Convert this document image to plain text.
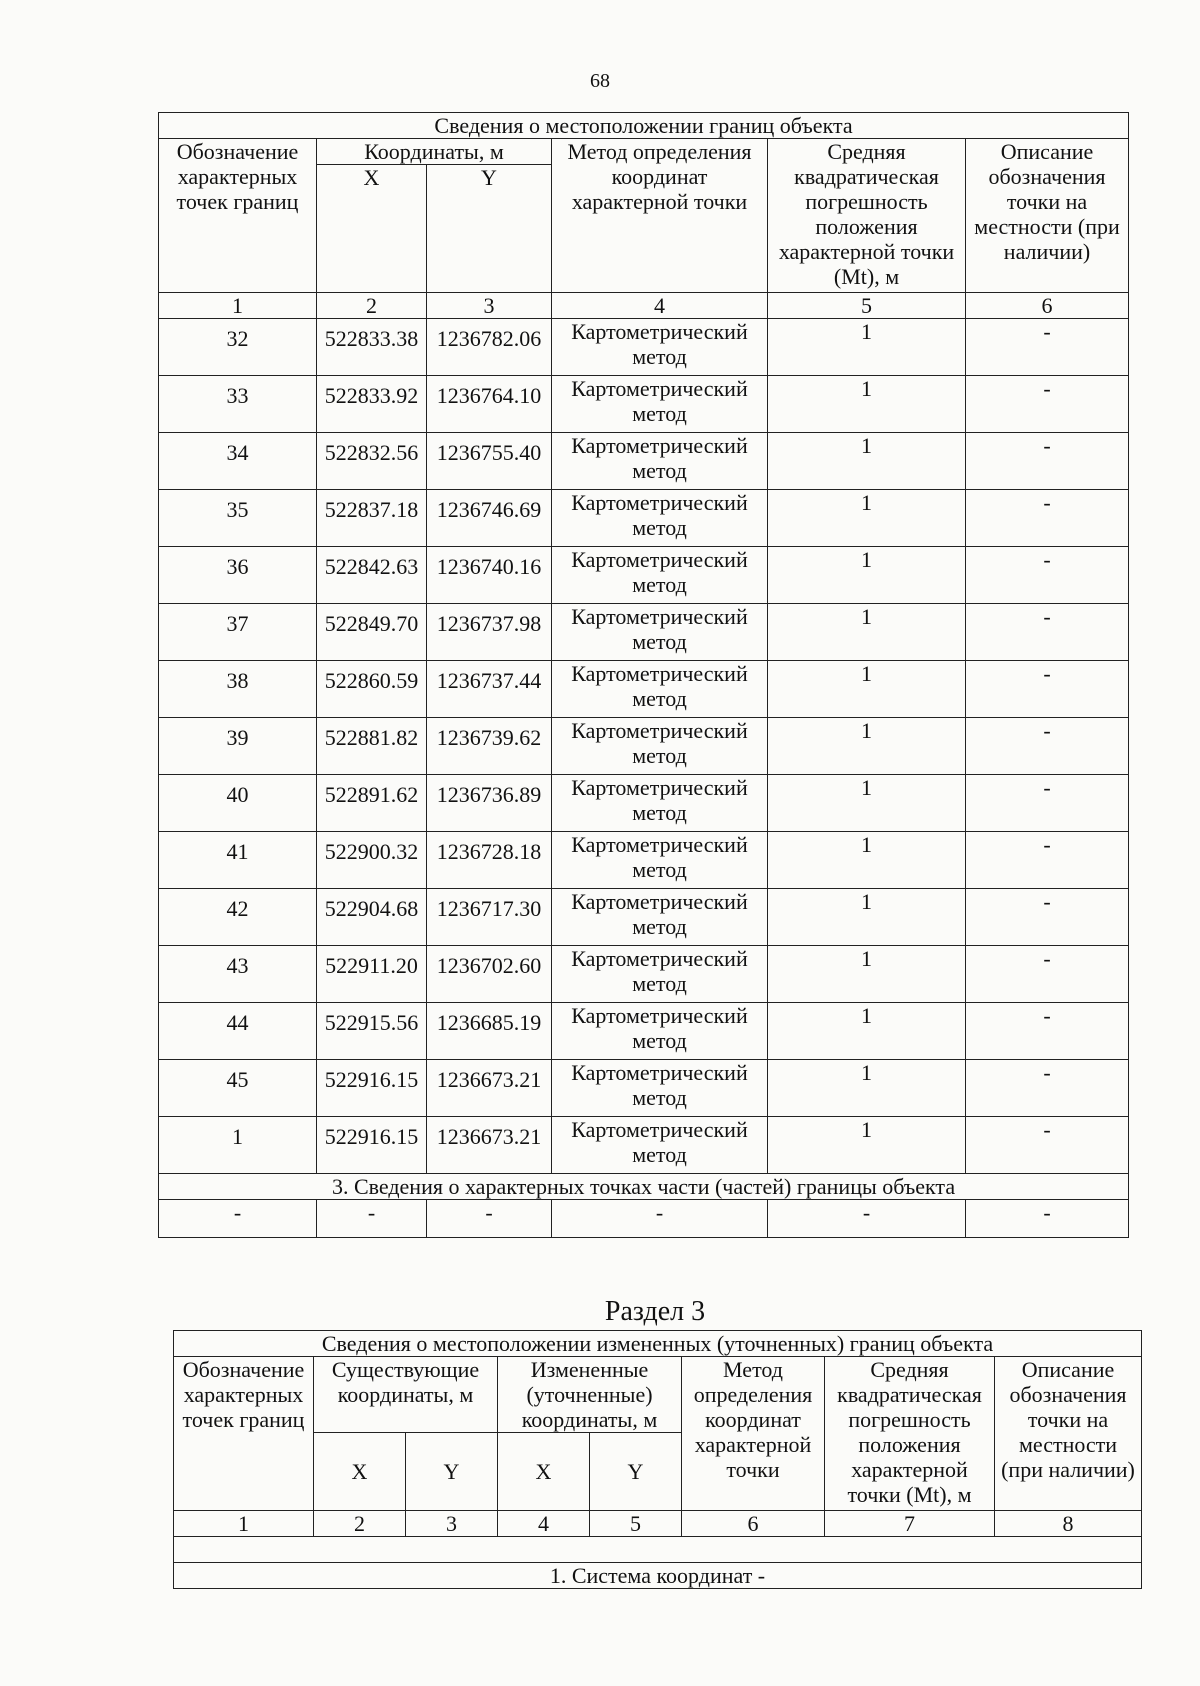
68
Сведения о местоположении границ объекта					
Обозначение характерных точек границ	Координаты, м		Метод определения координат характерной точки	Средняя квадратическая погрешность положения характерной точки (Mt), м	Описание обозначения точки на местности (при наличии)
	X	Y			
1	2	3	4	5	6
32	522833.38	1236782.06	Картометрический метод	1	-
33	522833.92	1236764.10	Картометрический метод	1	-
34	522832.56	1236755.40	Картометрический метод	1	-
35	522837.18	1236746.69	Картометрический метод	1	-
36	522842.63	1236740.16	Картометрический метод	1	-
37	522849.70	1236737.98	Картометрический метод	1	-
38	522860.59	1236737.44	Картометрический метод	1	-
39	522881.82	1236739.62	Картометрический метод	1	-
40	522891.62	1236736.89	Картометрический метод	1	-
41	522900.32	1236728.18	Картометрический метод	1	-
42	522904.68	1236717.30	Картометрический метод	1	-
43	522911.20	1236702.60	Картометрический метод	1	-
44	522915.56	1236685.19	Картометрический метод	1	-
45	522916.15	1236673.21	Картометрический метод	1	-
1	522916.15	1236673.21	Картометрический метод	1	-
3. Сведения о характерных точках части (частей) границы объекта					
-	-	-	-	-	-
Раздел 3
Сведения о местоположении измененных (уточненных) границ объекта							
Обозначение характерных точек границ	Существующие координаты, м		Измененные (уточненные) координаты, м		Метод определения координат характерной точки	Средняя квадратическая погрешность положения характерной точки (Mt), м	Описание обозначения точки на местности (при наличии)
	X	Y	X	Y			
1	2	3	4	5	6	7	8

1. Система координат -							
